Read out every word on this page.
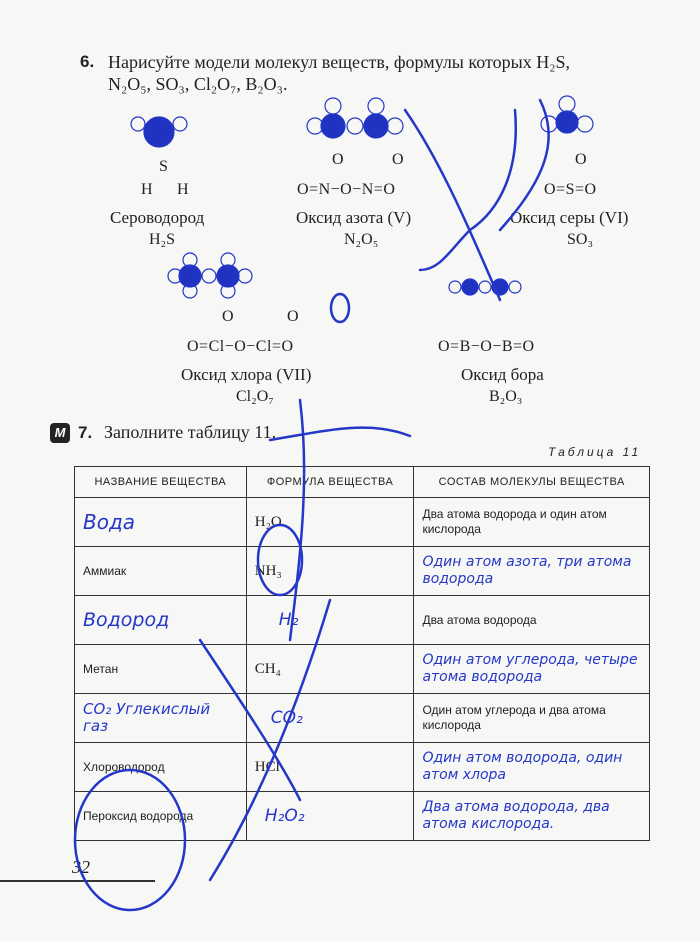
6. Нарисуйте модели молекул веществ, формулы которых H₂S,
N₂O₅, SO₃, Cl₂O₇, B₂O₃.
S
H H
Сероводород
H₂S
O	O
O=N−O−N=O
Оксид азота (V)
N₂O₅
O
O=S=O
Оксид серы (VI)
SO₃
O	O
O=Cl−O−Cl=O
Оксид хлора (VII)
Cl₂O₇
O=B−O−B=O
Оксид бора
B₂O₃
M 7. Заполните таблицу 11.
Таблица 11
НАЗВАНИЕ ВЕЩЕСТВА	ФОРМУЛА ВЕЩЕСТВА	СОСТАВ МОЛЕКУЛЫ ВЕЩЕСТВА
Вода	H₂O	Два атома водорода и один атом кислорода
Аммиак	NH₃	Один атом азота, три атома водорода

Водород	H₂	Два атома водорода
Метан	CH₄	Один атом углерода, четыре атома водорода

CO₂ Углекислый газ	CO₂	Один атом углерода и два атома кислорода
Хлороводород	HCl	Один атом водорода, один атом хлора

Пероксид водорода	H₂O₂	Два атома водорода, два атома кислорода.
32
